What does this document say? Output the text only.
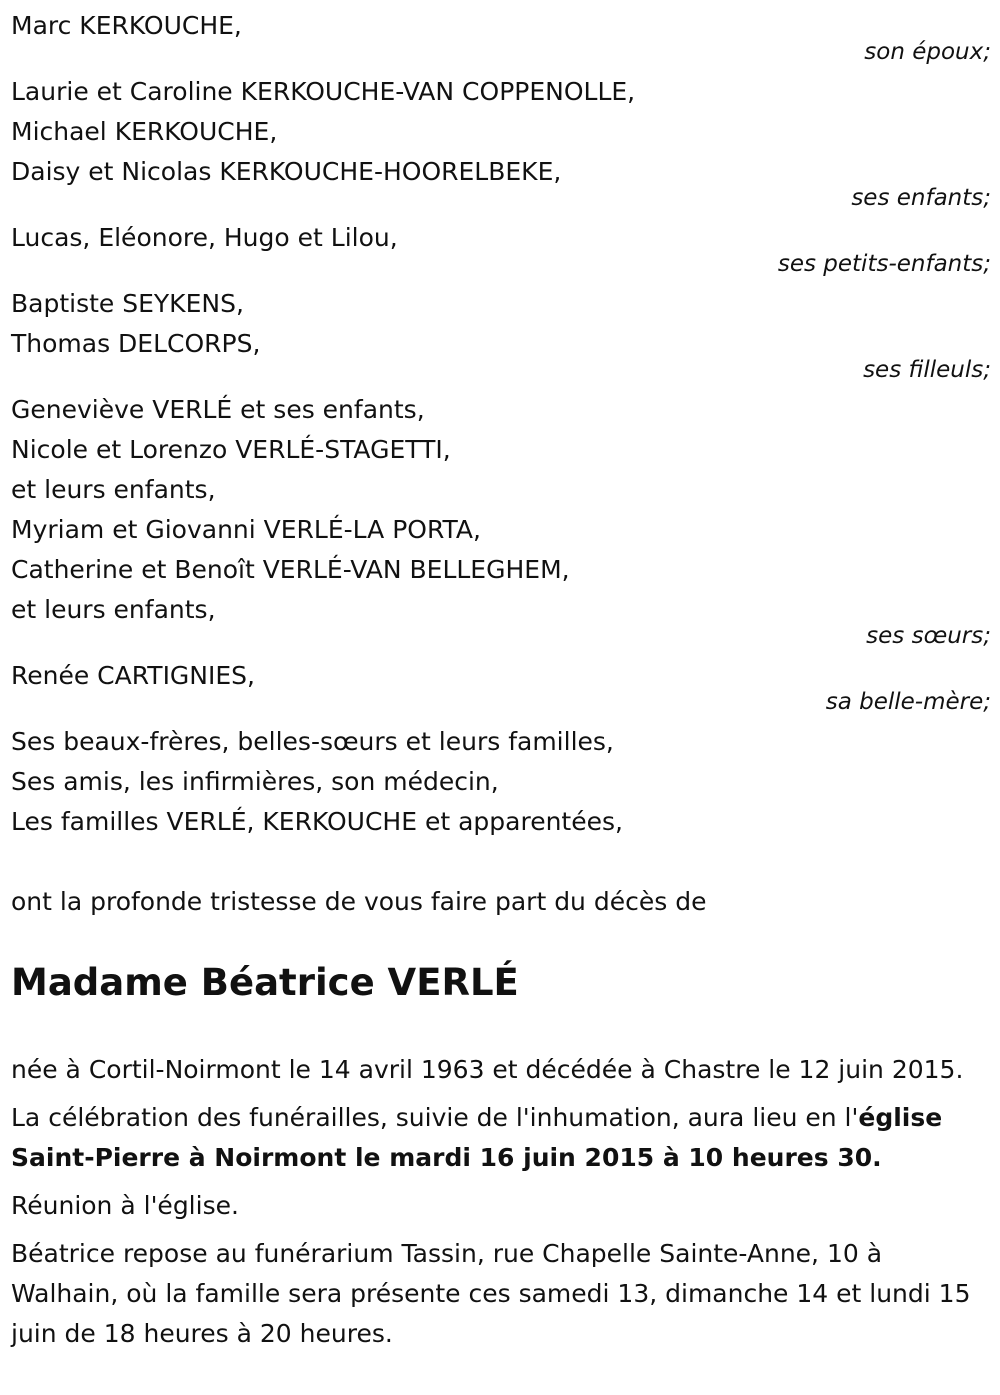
Marc KERKOUCHE,
son époux;
Laurie et Caroline KERKOUCHE-VAN COPPENOLLE,
Michael KERKOUCHE,
Daisy et Nicolas KERKOUCHE-HOORELBEKE,
ses enfants;
Lucas, Eléonore, Hugo et Lilou,
ses petits-enfants;
Baptiste SEYKENS,
Thomas DELCORPS,
ses filleuls;
Geneviève VERLÉ et ses enfants,
Nicole et Lorenzo VERLÉ-STAGETTI,
et leurs enfants,
Myriam et Giovanni VERLÉ-LA PORTA,
Catherine et Benoît VERLÉ-VAN BELLEGHEM,
et leurs enfants,
ses sœurs;
Renée CARTIGNIES,
sa belle-mère;
Ses beaux-frères, belles-sœurs et leurs familles,
Ses amis, les infirmières, son médecin,
Les familles VERLÉ, KERKOUCHE et apparentées,
ont la profonde tristesse de vous faire part du décès de
Madame Béatrice VERLÉ
née à Cortil-Noirmont le 14 avril 1963 et décédée à Chastre le 12 juin 2015.
La célébration des funérailles, suivie de l'inhumation, aura lieu en l'église Saint-Pierre à Noirmont le mardi 16 juin 2015 à 10 heures 30.
Réunion à l'église.
Béatrice repose au funérarium Tassin, rue Chapelle Sainte-Anne, 10 à Walhain, où la famille sera présente ces samedi 13, dimanche 14 et lundi 15 juin de 18 heures à 20 heures.
